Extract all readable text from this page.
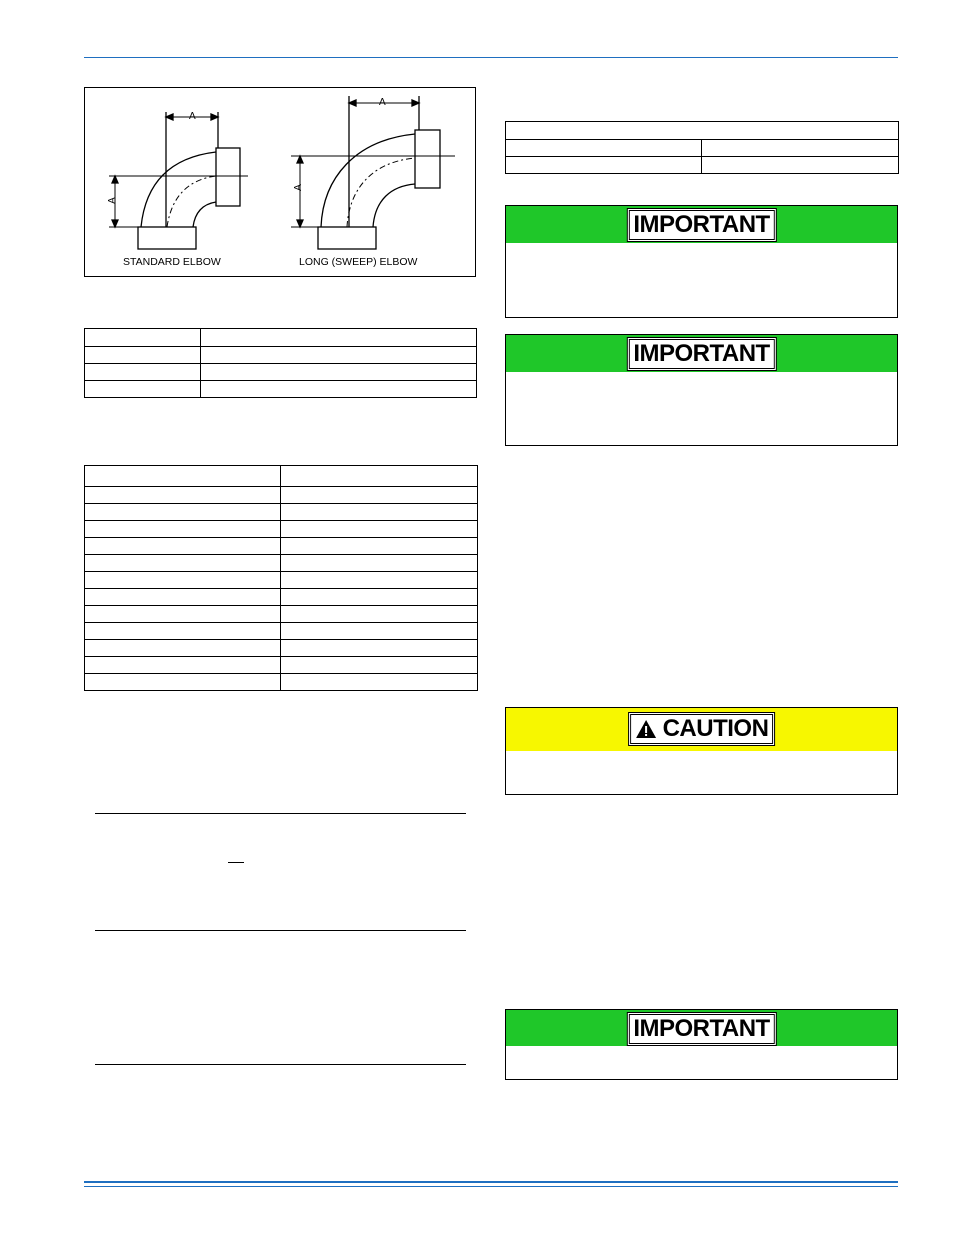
A
A
A
A
STANDARD ELBOW	LONG (SWEEP) ELBOW

IMPORTANT
IMPORTANT
CAUTION
IMPORTANT
